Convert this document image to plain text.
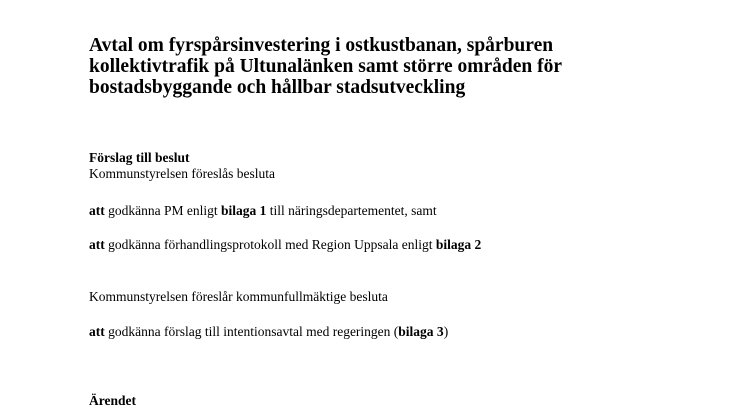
Avtal om fyrspårsinvestering i ostkustbanan, spårburen
kollektivtrafik på Ultunalänken samt större områden för
bostadsbyggande och hållbar stadsutveckling

Förslag till beslut

Kommunstyrelsen föreslås besluta

att godkänna PM enligt bilaga 1 till näringsdepartementet, samt

att godkänna förhandlingsprotokoll med Region Uppsala enligt bilaga 2

Kommunstyrelsen föreslår kommunfullmäktige besluta

att godkänna förslag till intentionsavtal med regeringen (bilaga 3)

Ärendet
